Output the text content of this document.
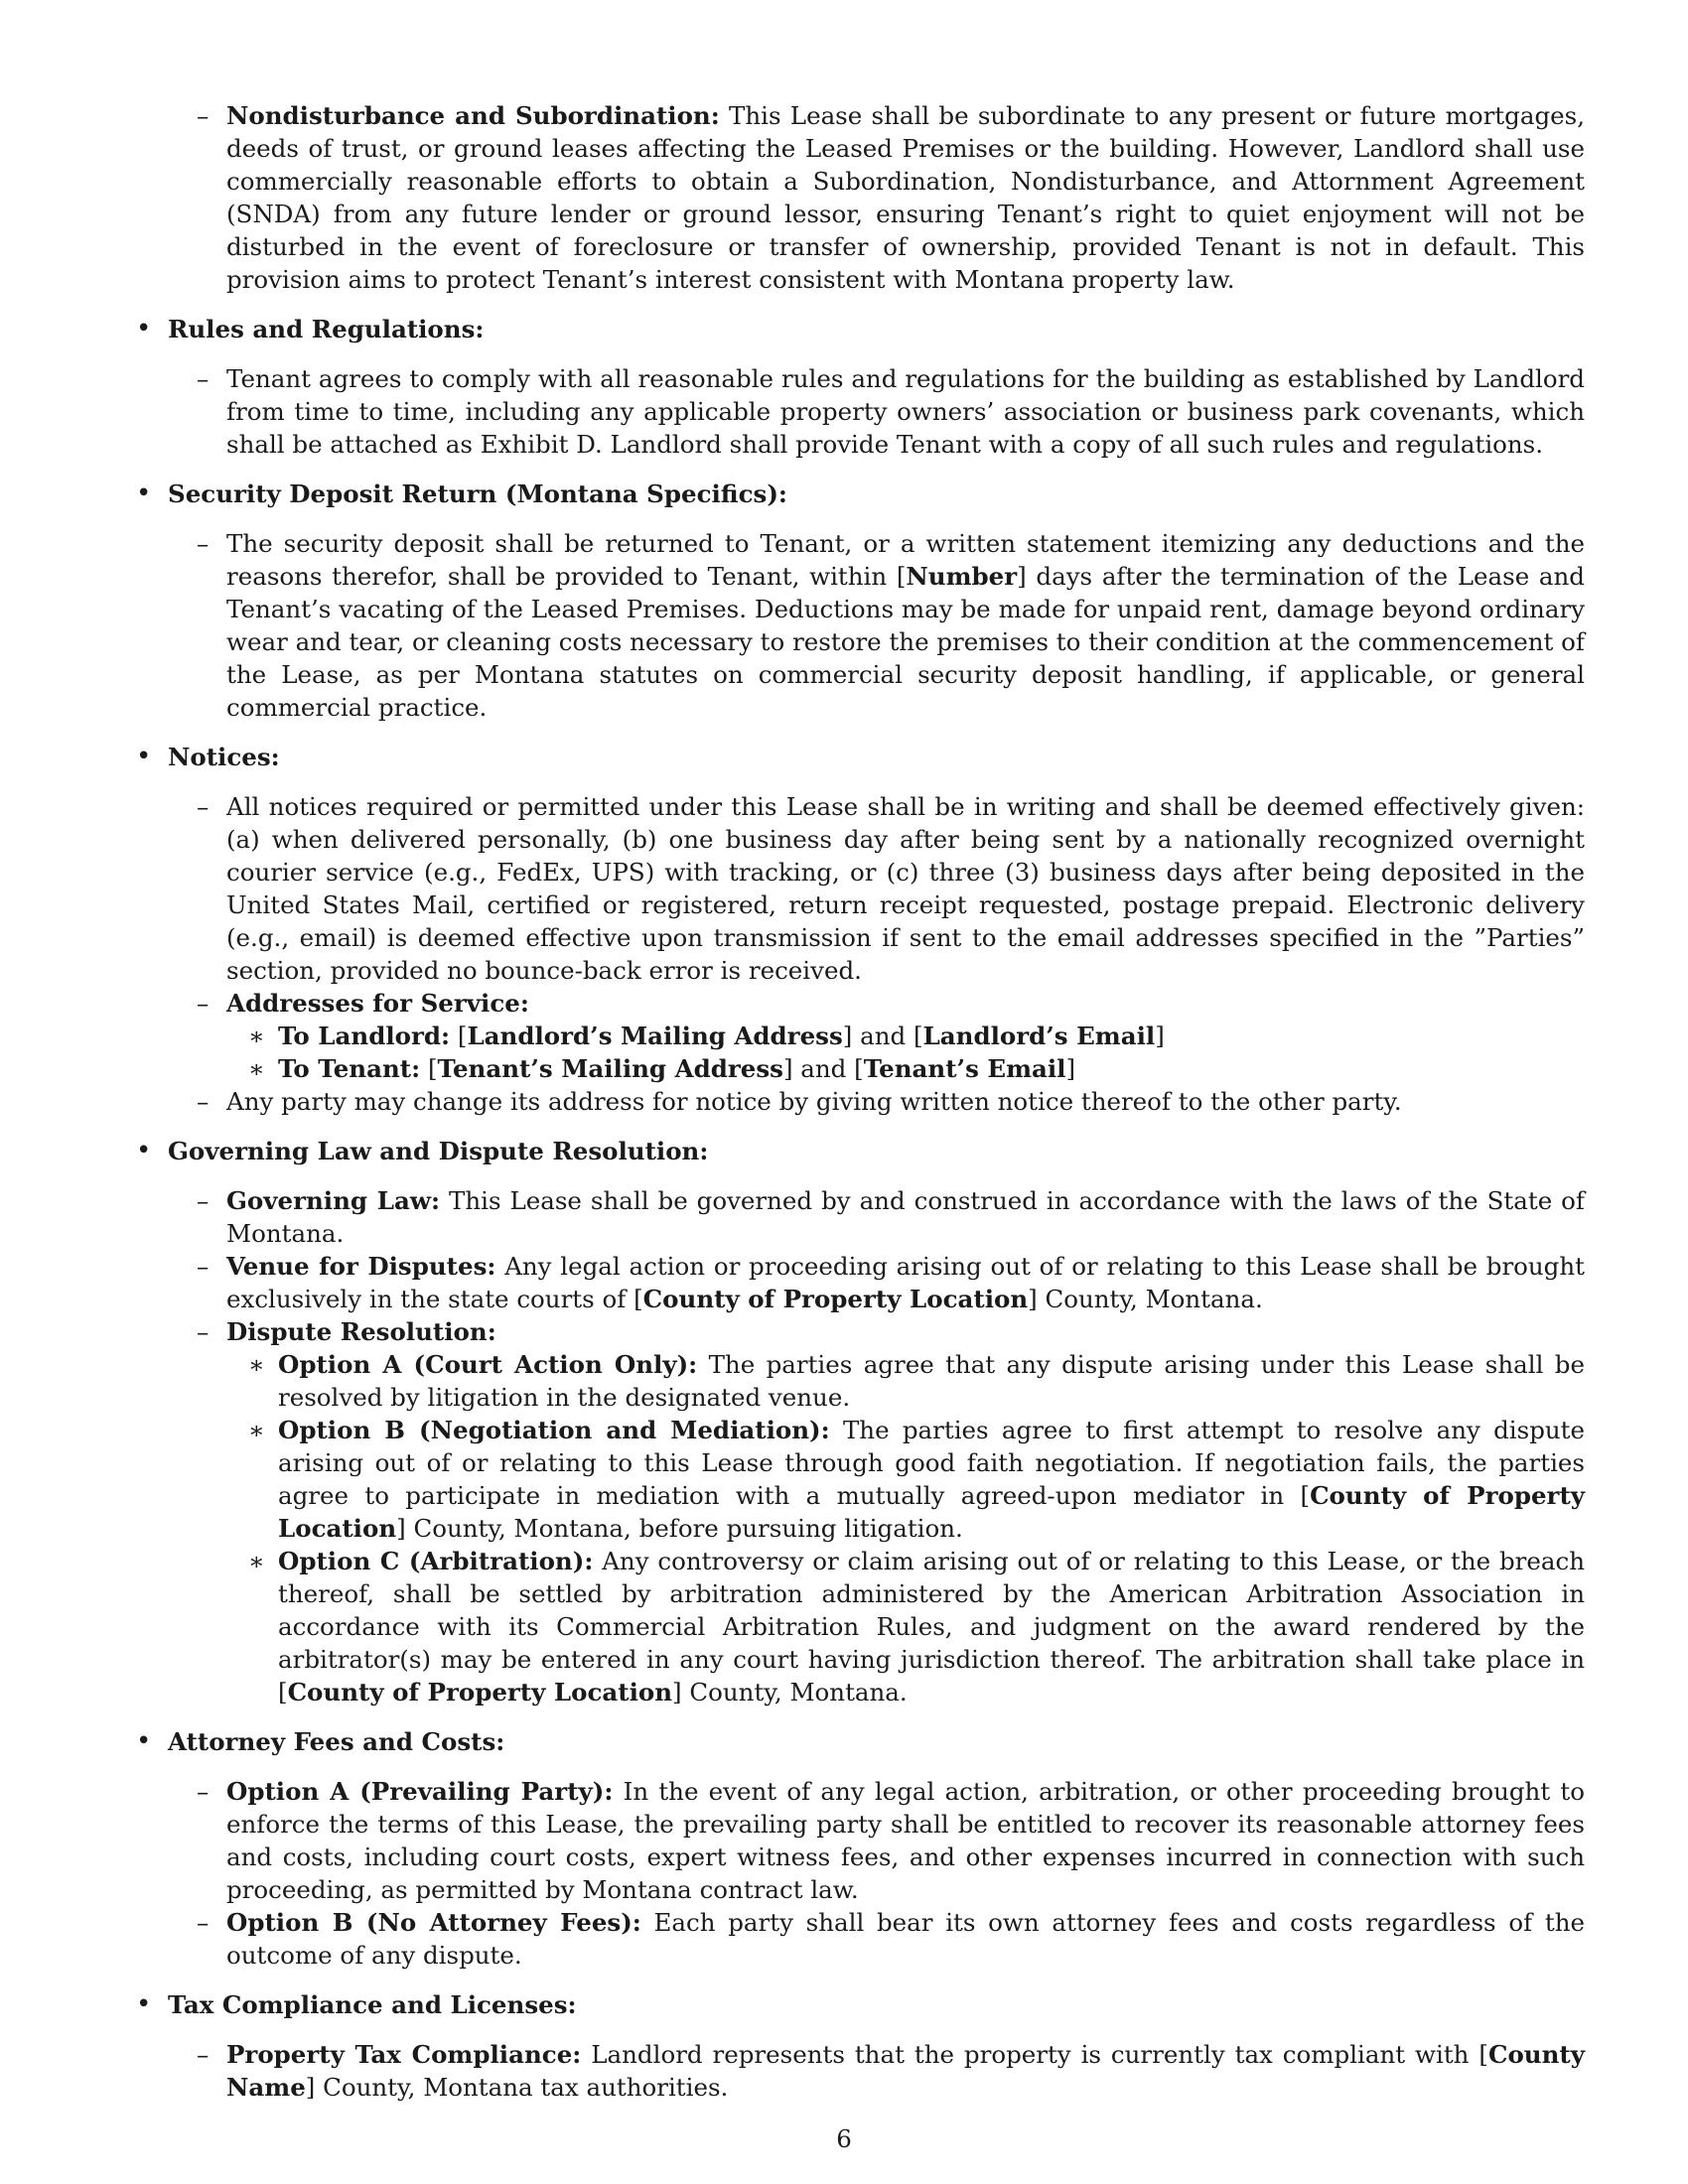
– Nondisturbance and Subordination: This Lease shall be subordinate to any present or future mortgages, deeds of trust, or ground leases affecting the Leased Premises or the building. However, Landlord shall use commercially reasonable efforts to obtain a Subordination, Nondisturbance, and Attornment Agreement (SNDA) from any future lender or ground lessor, ensuring Tenant’s right to quiet enjoyment will not be disturbed in the event of foreclosure or transfer of ownership, provided Tenant is not in default. This provision aims to protect Tenant’s interest consistent with Montana property law.

• Rules and Regulations:

– Tenant agrees to comply with all reasonable rules and regulations for the building as established by Landlord from time to time, including any applicable property owners’ association or business park covenants, which shall be attached as Exhibit D. Landlord shall provide Tenant with a copy of all such rules and regulations.

• Security Deposit Return (Montana Specifics):

– The security deposit shall be returned to Tenant, or a written statement itemizing any deductions and the reasons therefor, shall be provided to Tenant, within [Number] days after the termination of the Lease and Tenant’s vacating of the Leased Premises. Deductions may be made for unpaid rent, damage beyond ordinary wear and tear, or cleaning costs necessary to restore the premises to their condition at the commencement of the Lease, as per Montana statutes on commercial security deposit handling, if applicable, or general commercial practice.

• Notices:

– All notices required or permitted under this Lease shall be in writing and shall be deemed effectively given: (a) when delivered personally, (b) one business day after being sent by a nationally recognized overnight courier service (e.g., FedEx, UPS) with tracking, or (c) three (3) business days after being deposited in the United States Mail, certified or registered, return receipt requested, postage prepaid. Electronic delivery (e.g., email) is deemed effective upon transmission if sent to the email addresses specified in the ”Parties” section, provided no bounce-back error is received.

– Addresses for Service:

∗ To Landlord: [Landlord’s Mailing Address] and [Landlord’s Email]

∗ To Tenant: [Tenant’s Mailing Address] and [Tenant’s Email]

– Any party may change its address for notice by giving written notice thereof to the other party.

• Governing Law and Dispute Resolution:

– Governing Law: This Lease shall be governed by and construed in accordance with the laws of the State of Montana.

– Venue for Disputes: Any legal action or proceeding arising out of or relating to this Lease shall be brought exclusively in the state courts of [County of Property Location] County, Montana.

– Dispute Resolution:

∗ Option A (Court Action Only): The parties agree that any dispute arising under this Lease shall be resolved by litigation in the designated venue.

∗ Option B (Negotiation and Mediation): The parties agree to first attempt to resolve any dispute arising out of or relating to this Lease through good faith negotiation. If negotiation fails, the parties agree to participate in mediation with a mutually agreed-upon mediator in [County of Property Location] County, Montana, before pursuing litigation.

∗ Option C (Arbitration): Any controversy or claim arising out of or relating to this Lease, or the breach thereof, shall be settled by arbitration administered by the American Arbitration Association in accordance with its Commercial Arbitration Rules, and judgment on the award rendered by the arbitrator(s) may be entered in any court having jurisdiction thereof. The arbitration shall take place in [County of Property Location] County, Montana.

• Attorney Fees and Costs:

– Option A (Prevailing Party): In the event of any legal action, arbitration, or other proceeding brought to enforce the terms of this Lease, the prevailing party shall be entitled to recover its reasonable attorney fees and costs, including court costs, expert witness fees, and other expenses incurred in connection with such proceeding, as permitted by Montana contract law.

– Option B (No Attorney Fees): Each party shall bear its own attorney fees and costs regardless of the outcome of any dispute.

• Tax Compliance and Licenses:

– Property Tax Compliance: Landlord represents that the property is currently tax compliant with [County Name] County, Montana tax authorities.

6
